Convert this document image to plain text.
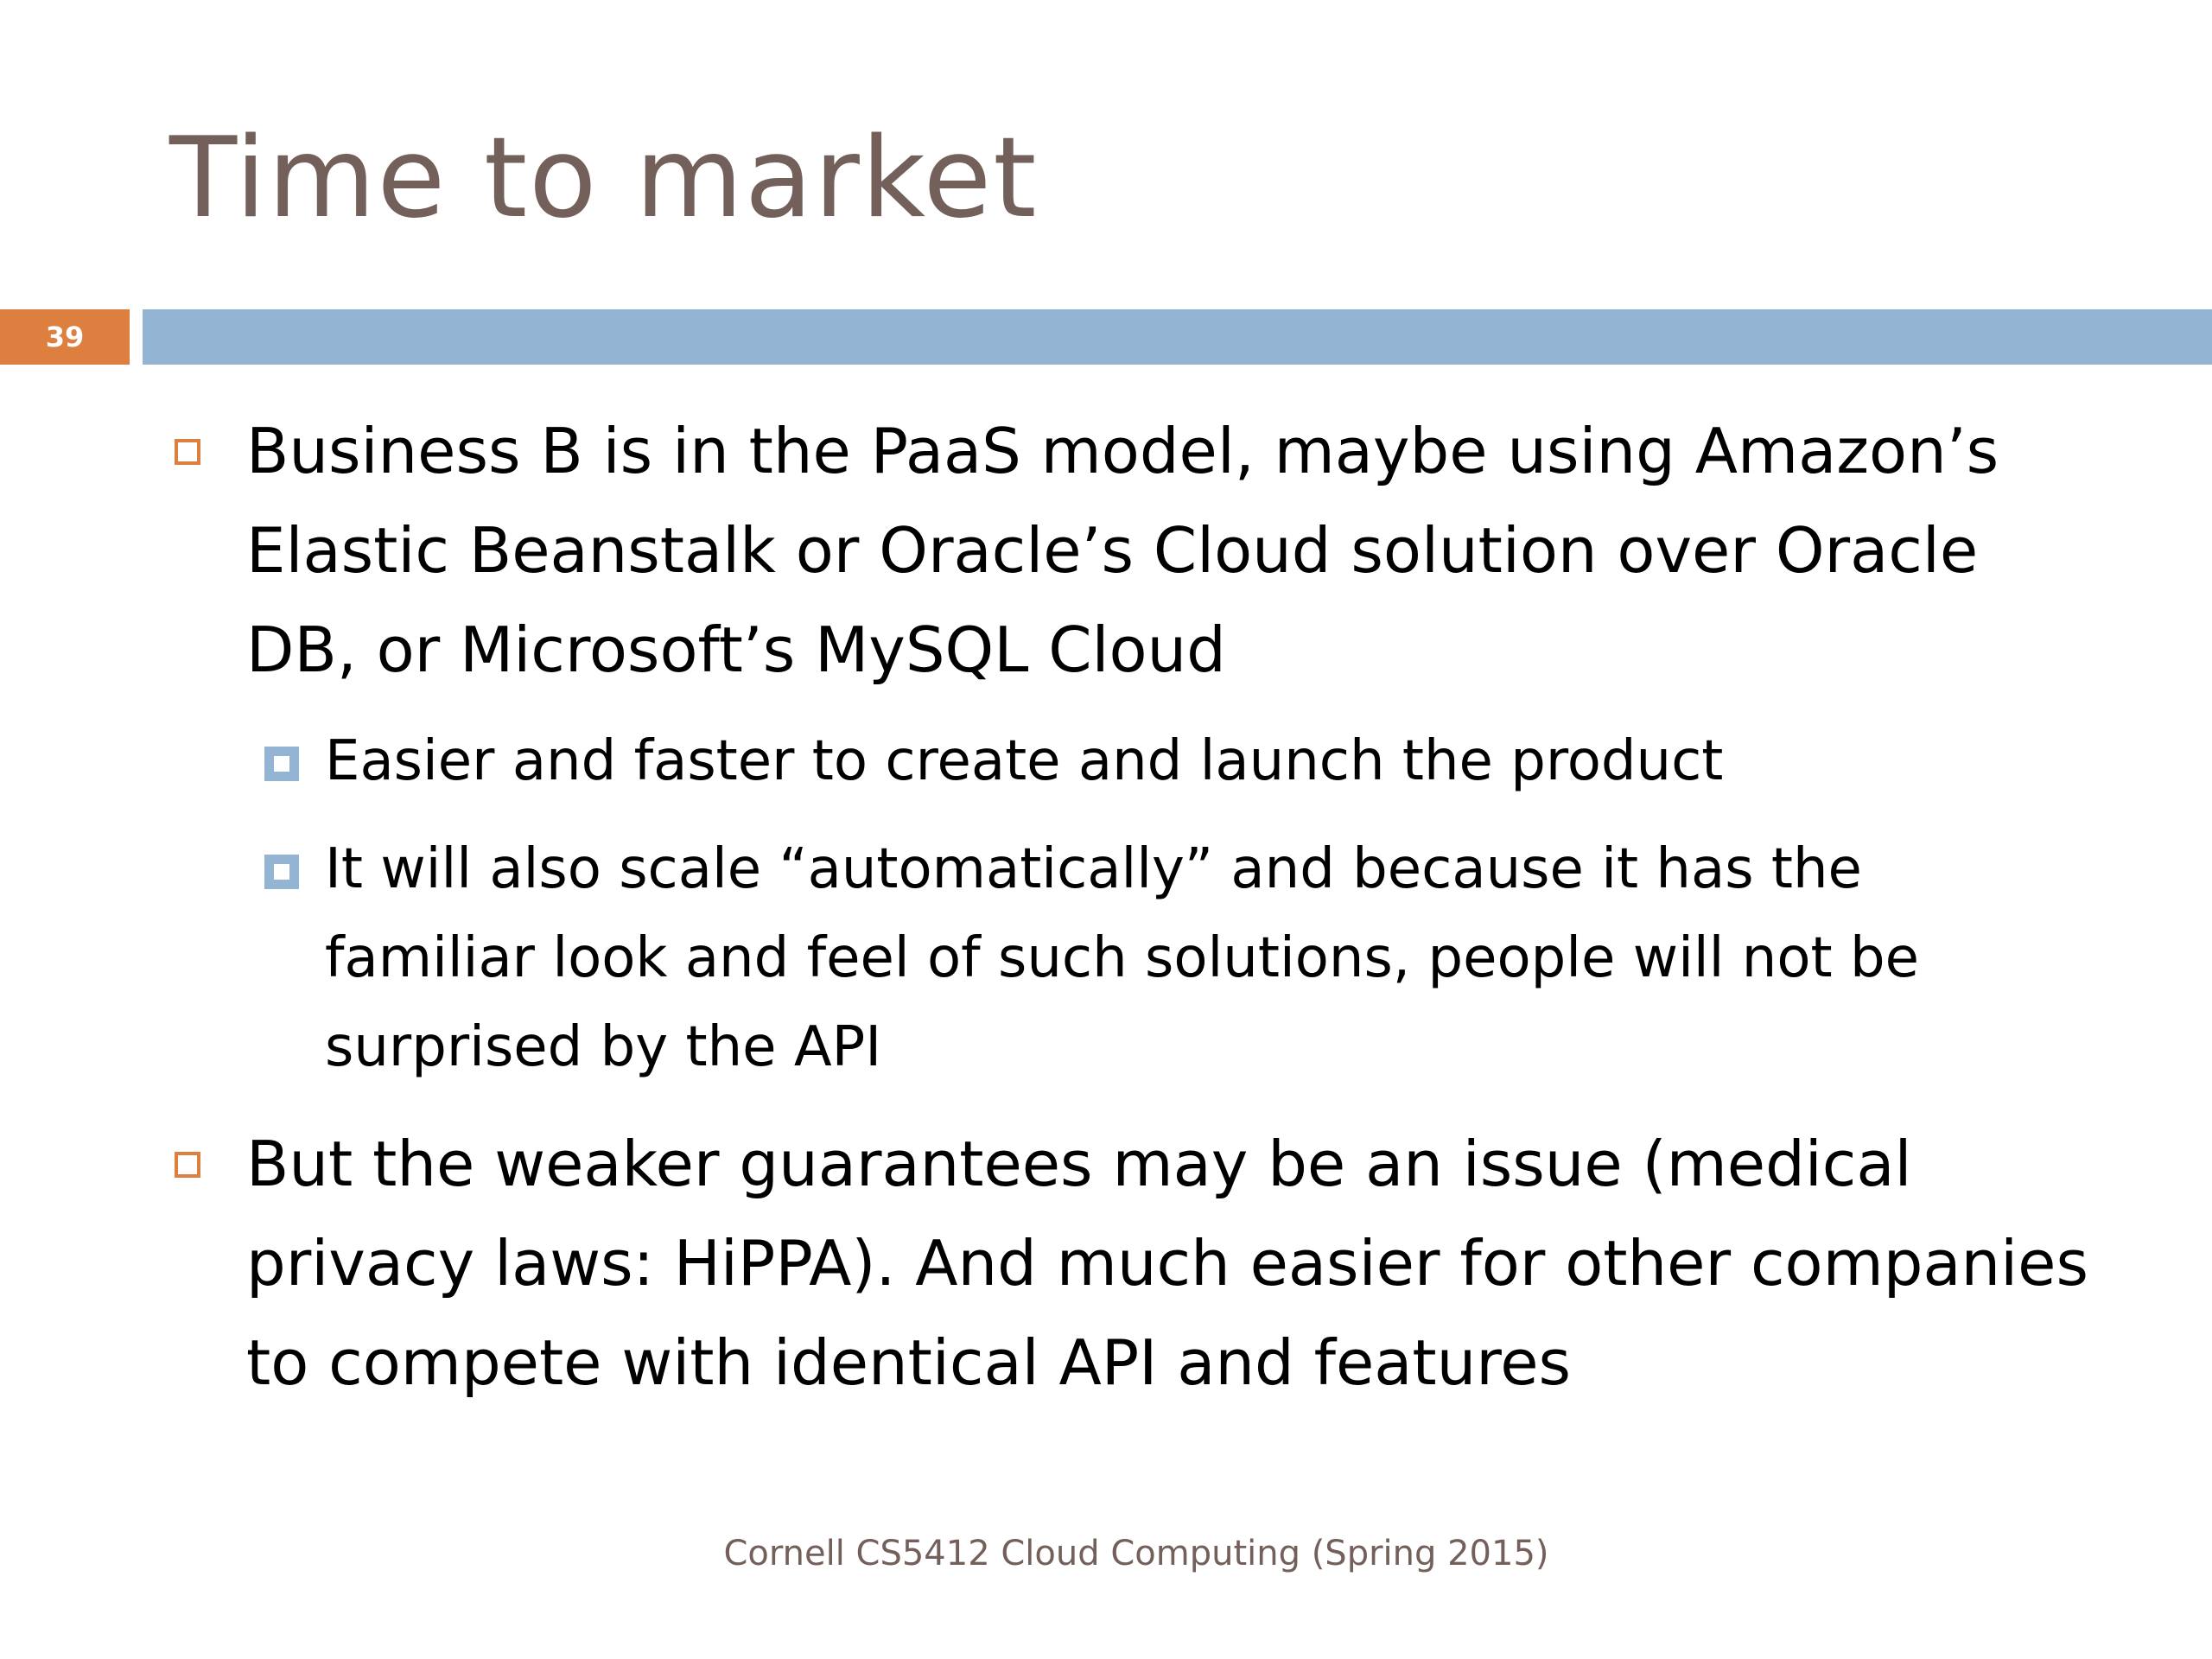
Time to market
39
Business B is in the PaaS model, maybe using Amazon’s Elastic Beanstalk or Oracle’s Cloud solution over Oracle DB, or Microsoft’s MySQL Cloud
Easier and faster to create and launch the product
It will also scale “automatically” and because it has the familiar look and feel of such solutions, people will not be surprised by the API
But the weaker guarantees may be an issue (medical privacy laws: HiPPA). And much easier for other companies to compete with identical API and features
Cornell CS5412 Cloud Computing (Spring 2015)
